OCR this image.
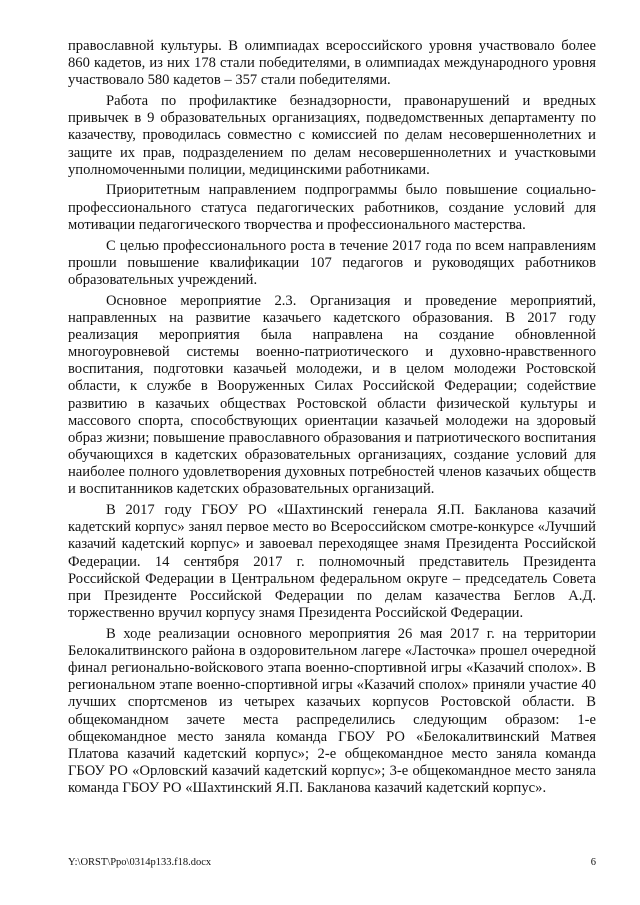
православной культуры. В олимпиадах всероссийского уровня участвовало более 860 кадетов, из них 178 стали победителями, в олимпиадах международного уровня участвовало 580 кадетов – 357 стали победителями.

Работа по профилактике безнадзорности, правонарушений и вредных привычек в 9 образовательных организациях, подведомственных департаменту по казачеству, проводилась совместно с комиссией по делам несовершеннолетних и защите их прав, подразделением по делам несовершеннолетних и участковыми уполномоченными полиции, медицинскими работниками.

Приоритетным направлением подпрограммы было повышение социально-профессионального статуса педагогических работников, создание условий для мотивации педагогического творчества и профессионального мастерства.

С целью профессионального роста в течение 2017 года по всем направлениям прошли повышение квалификации 107 педагогов и руководящих работников образовательных учреждений.

Основное мероприятие 2.3. Организация и проведение мероприятий, направленных на развитие казачьего кадетского образования. В 2017 году реализация мероприятия была направлена на создание обновленной многоуровневой системы военно-патриотического и духовно-нравственного воспитания, подготовки казачьей молодежи, и в целом молодежи Ростовской области, к службе в Вооруженных Силах Российской Федерации; содействие развитию в казачьих обществах Ростовской области физической культуры и массового спорта, способствующих ориентации казачьей молодежи на здоровый образ жизни; повышение православного образования и патриотического воспитания обучающихся в кадетских образовательных организациях, создание условий для наиболее полного удовлетворения духовных потребностей членов казачьих обществ и воспитанников кадетских образовательных организаций.

В 2017 году ГБОУ РО «Шахтинский генерала Я.П. Бакланова казачий кадетский корпус» занял первое место во Всероссийском смотре-конкурсе «Лучший казачий кадетский корпус» и завоевал переходящее знамя Президента Российской Федерации. 14 сентября 2017 г. полномочный представитель Президента Российской Федерации в Центральном федеральном округе – председатель Совета при Президенте Российской Федерации по делам казачества Беглов А.Д. торжественно вручил корпусу знамя Президента Российской Федерации.

В ходе реализации основного мероприятия 26 мая 2017 г. на территории Белокалитвинского района в оздоровительном лагере «Ласточка» прошел очередной финал регионально-войскового этапа военно-спортивной игры «Казачий сполох». В региональном этапе военно-спортивной игры «Казачий сполох» приняли участие 40 лучших спортсменов из четырех казачьих корпусов Ростовской области. В общекомандном зачете места распределились следующим образом: 1-е общекомандное место заняла команда ГБОУ РО «Белокалитвинский Матвея Платова казачий кадетский корпус»; 2-е общекомандное место заняла команда ГБОУ РО «Орловский казачий кадетский корпус»; 3-е общекомандное место заняла команда ГБОУ РО «Шахтинский Я.П. Бакланова казачий кадетский корпус».

Y:\ORST\Ppo\0314p133.f18.docx	6
